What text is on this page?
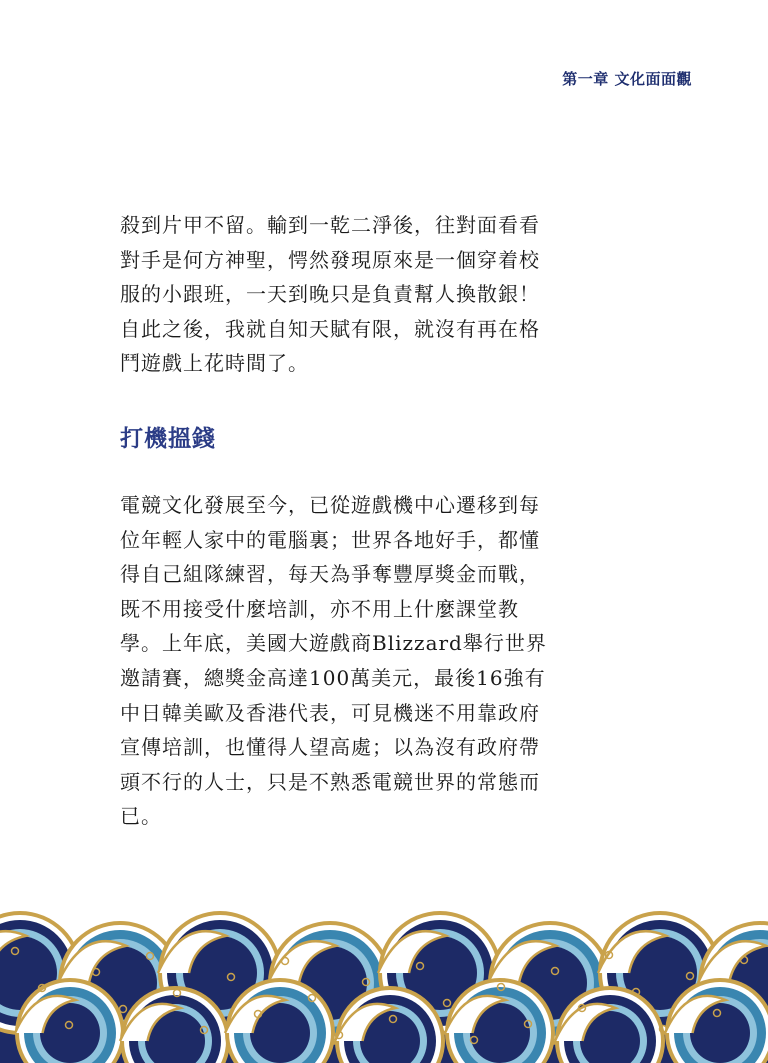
第一章 文化面面觀

殺到片甲不留。輸到一乾二淨後，往對面看看
對手是何方神聖，愕然發現原來是一個穿着校
服的小跟班，一天到晚只是負責幫人換散銀！
自此之後，我就自知天賦有限，就沒有再在格
鬥遊戲上花時間了。

打機搵錢

電競文化發展至今，已從遊戲機中心遷移到每
位年輕人家中的電腦裏；世界各地好手，都懂
得自己組隊練習，每天為爭奪豐厚獎金而戰，
既不用接受什麼培訓，亦不用上什麼課堂教
學。上年底，美國大遊戲商Blizzard舉行世界
邀請賽，總獎金高達100萬美元，最後16強有
中日韓美歐及香港代表，可見機迷不用靠政府
宣傳培訓，也懂得人望高處；以為沒有政府帶
頭不行的人士，只是不熟悉電競世界的常態而
已。
